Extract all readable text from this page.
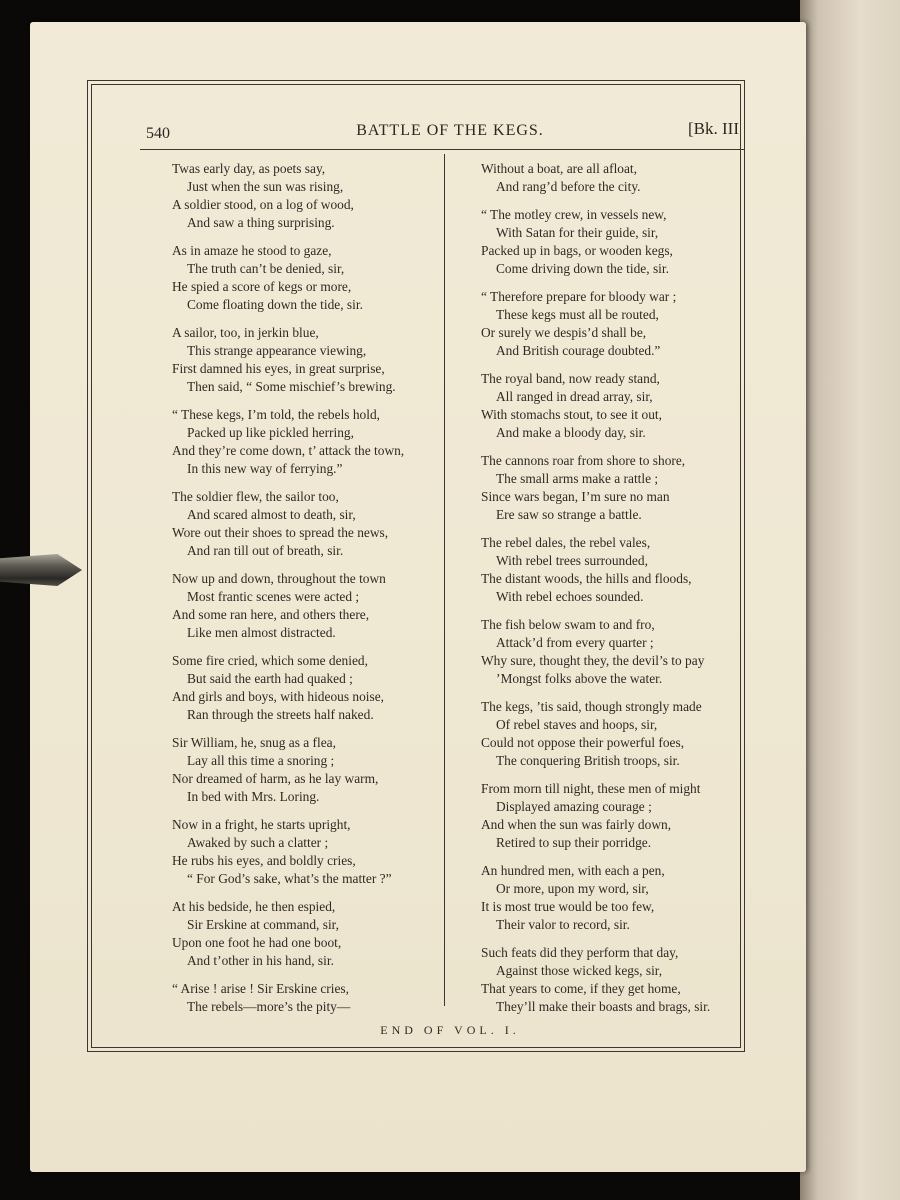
540	BATTLE OF THE KEGS.	[Bk. III

Twas early day, as poets say,

Just when the sun was rising,

A soldier stood, on a log of wood,

And saw a thing surprising.

As in amaze he stood to gaze,

The truth can’t be denied, sir,

He spied a score of kegs or more,

Come floating down the tide, sir.

A sailor, too, in jerkin blue,

This strange appearance viewing,

First damned his eyes, in great surprise,

Then said, “ Some mischief’s brewing.

“ These kegs, I’m told, the rebels hold,

Packed up like pickled herring,

And they’re come down, t’ attack the town,

In this new way of ferrying.”

The soldier flew, the sailor too,

And scared almost to death, sir,

Wore out their shoes to spread the news,

And ran till out of breath, sir.

Now up and down, throughout the town

Most frantic scenes were acted ;

And some ran here, and others there,

Like men almost distracted.

Some fire cried, which some denied,

But said the earth had quaked ;

And girls and boys, with hideous noise,

Ran through the streets half naked.

Sir William, he, snug as a flea,

Lay all this time a snoring ;

Nor dreamed of harm, as he lay warm,

In bed with Mrs. Loring.

Now in a fright, he starts upright,

Awaked by such a clatter ;

He rubs his eyes, and boldly cries,

“ For God’s sake, what’s the matter ?”

At his bedside, he then espied,

Sir Erskine at command, sir,

Upon one foot he had one boot,

And t’other in his hand, sir.

“ Arise ! arise ! Sir Erskine cries,

The rebels—more’s the pity—

Without a boat, are all afloat,

And rang’d before the city.

“ The motley crew, in vessels new,

With Satan for their guide, sir,

Packed up in bags, or wooden kegs,

Come driving down the tide, sir.

“ Therefore prepare for bloody war ;

These kegs must all be routed,

Or surely we despis’d shall be,

And British courage doubted.”

The royal band, now ready stand,

All ranged in dread array, sir,

With stomachs stout, to see it out,

And make a bloody day, sir.

The cannons roar from shore to shore,

The small arms make a rattle ;

Since wars began, I’m sure no man

Ere saw so strange a battle.

The rebel dales, the rebel vales,

With rebel trees surrounded,

The distant woods, the hills and floods,

With rebel echoes sounded.

The fish below swam to and fro,

Attack’d from every quarter ;

Why sure, thought they, the devil’s to pay

’Mongst folks above the water.

The kegs, ’tis said, though strongly made

Of rebel staves and hoops, sir,

Could not oppose their powerful foes,

The conquering British troops, sir.

From morn till night, these men of might

Displayed amazing courage ;

And when the sun was fairly down,

Retired to sup their porridge.

An hundred men, with each a pen,

Or more, upon my word, sir,

It is most true would be too few,

Their valor to record, sir.

Such feats did they perform that day,

Against those wicked kegs, sir,

That years to come, if they get home,

They’ll make their boasts and brags, sir.

END OF VOL. I.
